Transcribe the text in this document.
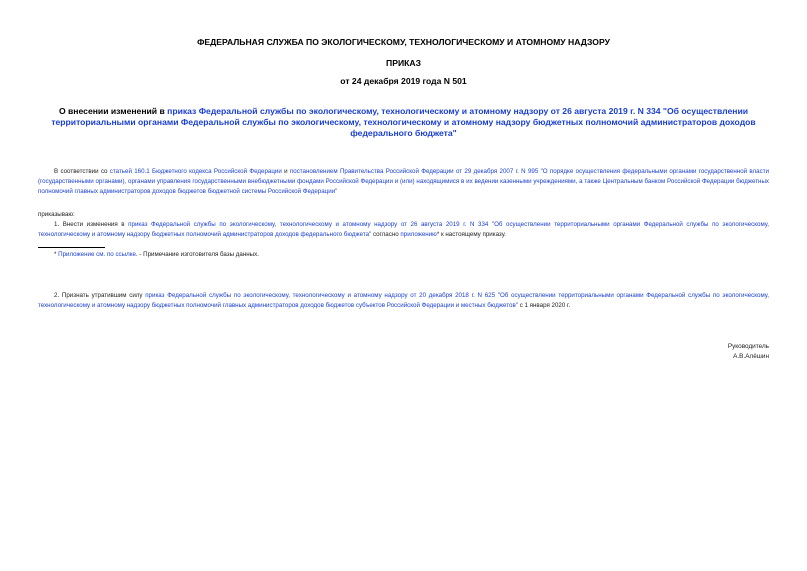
ФЕДЕРАЛЬНАЯ СЛУЖБА ПО ЭКОЛОГИЧЕСКОМУ, ТЕХНОЛОГИЧЕСКОМУ И АТОМНОМУ НАДЗОРУ
ПРИКАЗ
от 24 декабря 2019 года N 501
О внесении изменений в приказ Федеральной службы по экологическому, технологическому и атомному надзору от 26 августа 2019 г. N 334 "Об осуществлении территориальными органами Федеральной службы по экологическому, технологическому и атомному надзору бюджетных полномочий администраторов доходов федерального бюджета"
В соответствии со статьей 160.1 Бюджетного кодекса Российской Федерации и постановлением Правительства Российской Федерации от 29 декабря 2007 г. N 995 "О порядке осуществления федеральными органами государственной власти (государственными органами), органами управления государственными внебюджетными фондами Российской Федерации и (или) находящимися в их ведении казенными учреждениями, а также Центральным банком Российской Федерации бюджетных полномочий главных администраторов доходов бюджетов бюджетной системы Российской Федерации"
приказываю:
1. Внести изменения в приказ Федеральной службы по экологическому, технологическому и атомному надзору от 26 августа 2019 г. N 334 "Об осуществлении территориальными органами Федеральной службы по экологическому, технологическому и атомному надзору бюджетных полномочий администраторов доходов федерального бюджета" согласно приложению* к настоящему приказу.
* Приложение см. по ссылке. - Примечание изготовителя базы данных.
2. Признать утратившим силу приказ Федеральной службы по экологическому, технологическому и атомному надзору от 20 декабря 2018 г. N 625 "Об осуществлении территориальными органами Федеральной службы по экологическому, технологическому и атомному надзору бюджетных полномочий главных администраторов доходов бюджетов субъектов Российской Федерации и местных бюджетов" с 1 января 2020 г.
Руководитель
А.В.Алёшин
